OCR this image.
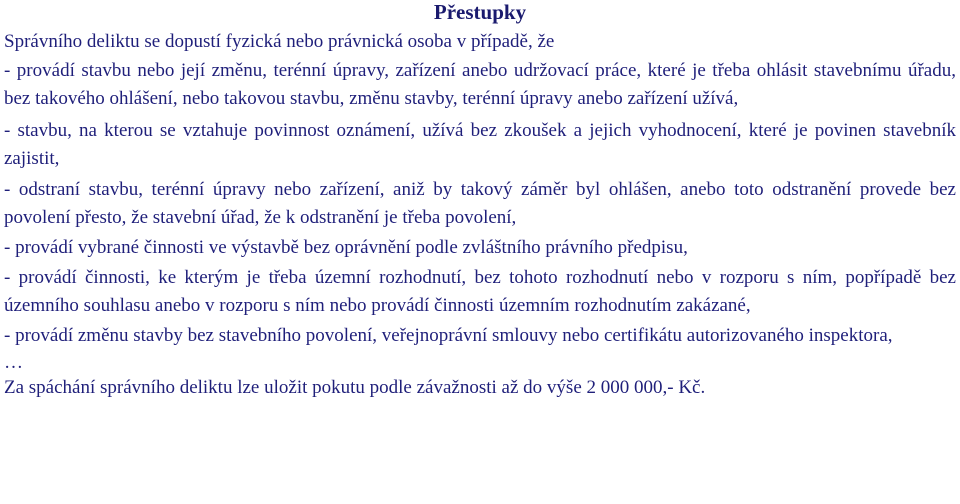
Přestupky

Správního deliktu se dopustí fyzická nebo právnická osoba v případě, že

- provádí stavbu nebo její změnu, terénní úpravy, zařízení anebo udržovací práce, které je třeba ohlásit stavebnímu úřadu, bez takového ohlášení, nebo takovou stavbu, změnu stavby, terénní úpravy anebo zařízení užívá,
- stavbu, na kterou se vztahuje povinnost oznámení, užívá bez zkoušek a jejich vyhodnocení, které je povinen stavebník zajistit,
- odstraní stavbu, terénní úpravy nebo zařízení, aniž by takový záměr byl ohlášen, anebo toto odstranění provede bez povolení přesto, že stavební úřad, že k odstranění je třeba povolení,
- provádí vybrané činnosti ve výstavbě bez oprávnění podle zvláštního právního předpisu,
- provádí činnosti, ke kterým je třeba územní rozhodnutí, bez tohoto rozhodnutí nebo v rozporu s ním, popřípadě bez územního souhlasu anebo v rozporu s ním nebo provádí činnosti územním rozhodnutím zakázané,
- provádí změnu stavby bez stavebního povolení, veřejnoprávní smlouvy nebo certifikátu autorizovaného inspektora,

…

Za spáchání správního deliktu lze uložit pokutu podle závažnosti až do výše 2 000 000,- Kč.
